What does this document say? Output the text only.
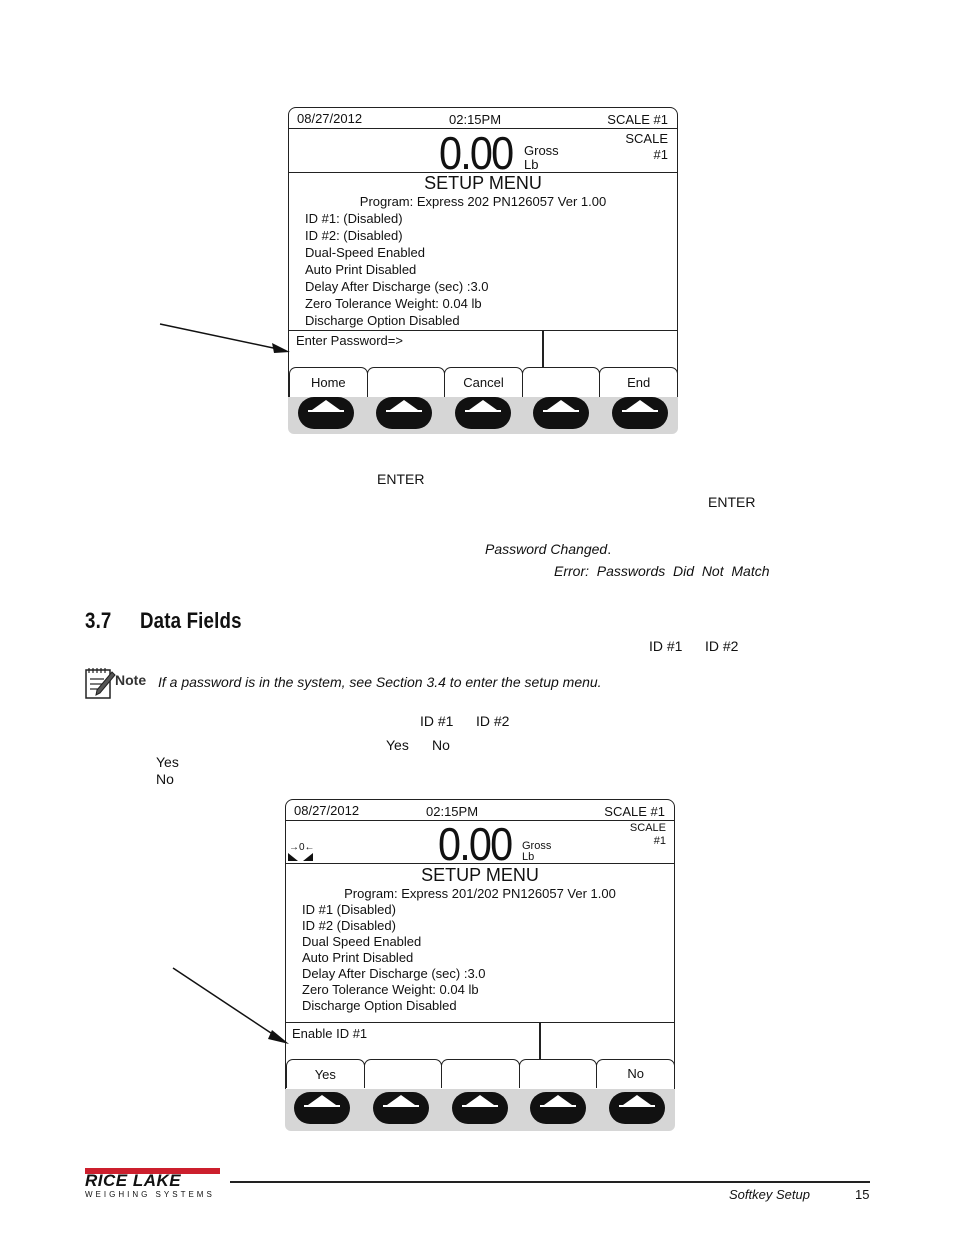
08/27/2012	02:15PM	SCALE #1
0.00 Gross
Lb
SCALE
#1
SETUP MENU
Program: Express 202 PN126057 Ver 1.00
ID #1: (Disabled)
ID #2: (Disabled)
Dual-Speed Enabled
Auto Print Disabled
Delay After Discharge (sec) :3.0
Zero Tolerance Weight: 0.04 lb
Discharge Option Disabled
Enter Password=>
Home	Cancel	End
ENTER
ENTER
Password Changed.
Error:  Passwords  Did  Not  Match
3.7 Data Fields
ID #1 ID #2
Note If a password is in the system, see Section 3.4 to enter the setup menu.
ID #1 ID #2
Yes No
Yes
No
08/27/2012	02:15PM	SCALE #1
→0←	0.00 Gross
Lb
SCALE
#1
SETUP MENU
Program: Express 201/202 PN126057 Ver 1.00
ID #1 (Disabled)
ID #2 (Disabled)
Dual Speed Enabled
Auto Print Disabled
Delay After Discharge (sec) :3.0
Zero Tolerance Weight: 0.04 lb
Discharge Option Disabled
Enable ID #1
Yes	No
RICE LAKE
WEIGHING SYSTEMS	Softkey Setup	15
